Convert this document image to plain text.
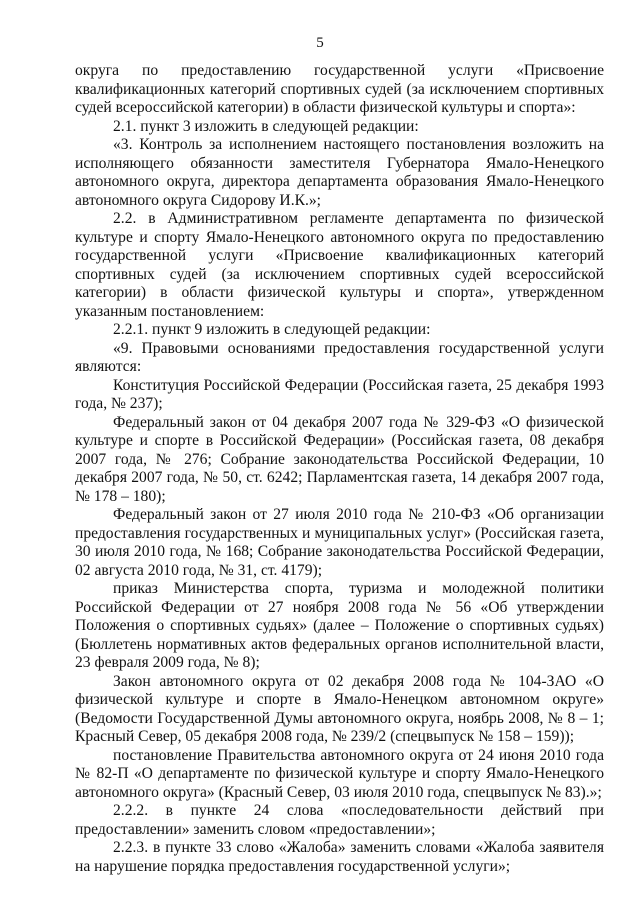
5

округа по предоставлению государственной услуги «Присвоение квалификационных категорий спортивных судей (за исключением спортивных судей всероссийской категории) в области физической культуры и спорта»:

2.1. пункт 3 изложить в следующей редакции:

«3. Контроль за исполнением настоящего постановления возложить на исполняющего обязанности заместителя Губернатора Ямало-Ненецкого автономного округа, директора департамента образования Ямало-Ненецкого автономного округа Сидорову И.К.»;

2.2. в Административном регламенте департамента по физической культуре и спорту Ямало-Ненецкого автономного округа по предоставлению государственной услуги «Присвоение квалификационных категорий спортивных судей (за исключением спортивных судей всероссийской категории) в области физической культуры и спорта», утвержденном указанным постановлением:

2.2.1. пункт 9 изложить в следующей редакции:

«9. Правовыми основаниями предоставления государственной услуги являются:

Конституция Российской Федерации (Российская газета, 25 декабря 1993 года, № 237);

Федеральный закон от 04 декабря 2007 года № 329-ФЗ «О физической культуре и спорте в Российской Федерации» (Российская газета, 08 декабря 2007 года, № 276; Собрание законодательства Российской Федерации, 10 декабря 2007 года, № 50, ст. 6242; Парламентская газета, 14 декабря 2007 года, № 178 – 180);

Федеральный закон от 27 июля 2010 года № 210-ФЗ «Об организации предоставления государственных и муниципальных услуг» (Российская газета, 30 июля 2010 года, № 168; Собрание законодательства Российской Федерации, 02 августа 2010 года, № 31, ст. 4179);

приказ Министерства спорта, туризма и молодежной политики Российской Федерации от 27 ноября 2008 года № 56 «Об утверждении Положения о спортивных судьях» (далее – Положение о спортивных судьях) (Бюллетень нормативных актов федеральных органов исполнительной власти, 23 февраля 2009 года, № 8);

Закон автономного округа от 02 декабря 2008 года № 104-ЗАО «О физической культуре и спорте в Ямало-Ненецком автономном округе» (Ведомости Государственной Думы автономного округа, ноябрь 2008, № 8 – 1; Красный Север, 05 декабря 2008 года, № 239/2 (спецвыпуск № 158 – 159));

постановление Правительства автономного округа от 24 июня 2010 года № 82-П «О департаменте по физической культуре и спорту Ямало-Ненецкого автономного округа» (Красный Север, 03 июля 2010 года, спецвыпуск № 83).»;

2.2.2. в пункте 24 слова «последовательности действий при предоставлении» заменить словом «предоставлении»;

2.2.3. в пункте 33 слово «Жалоба» заменить словами «Жалоба заявителя на нарушение порядка предоставления государственной услуги»;
